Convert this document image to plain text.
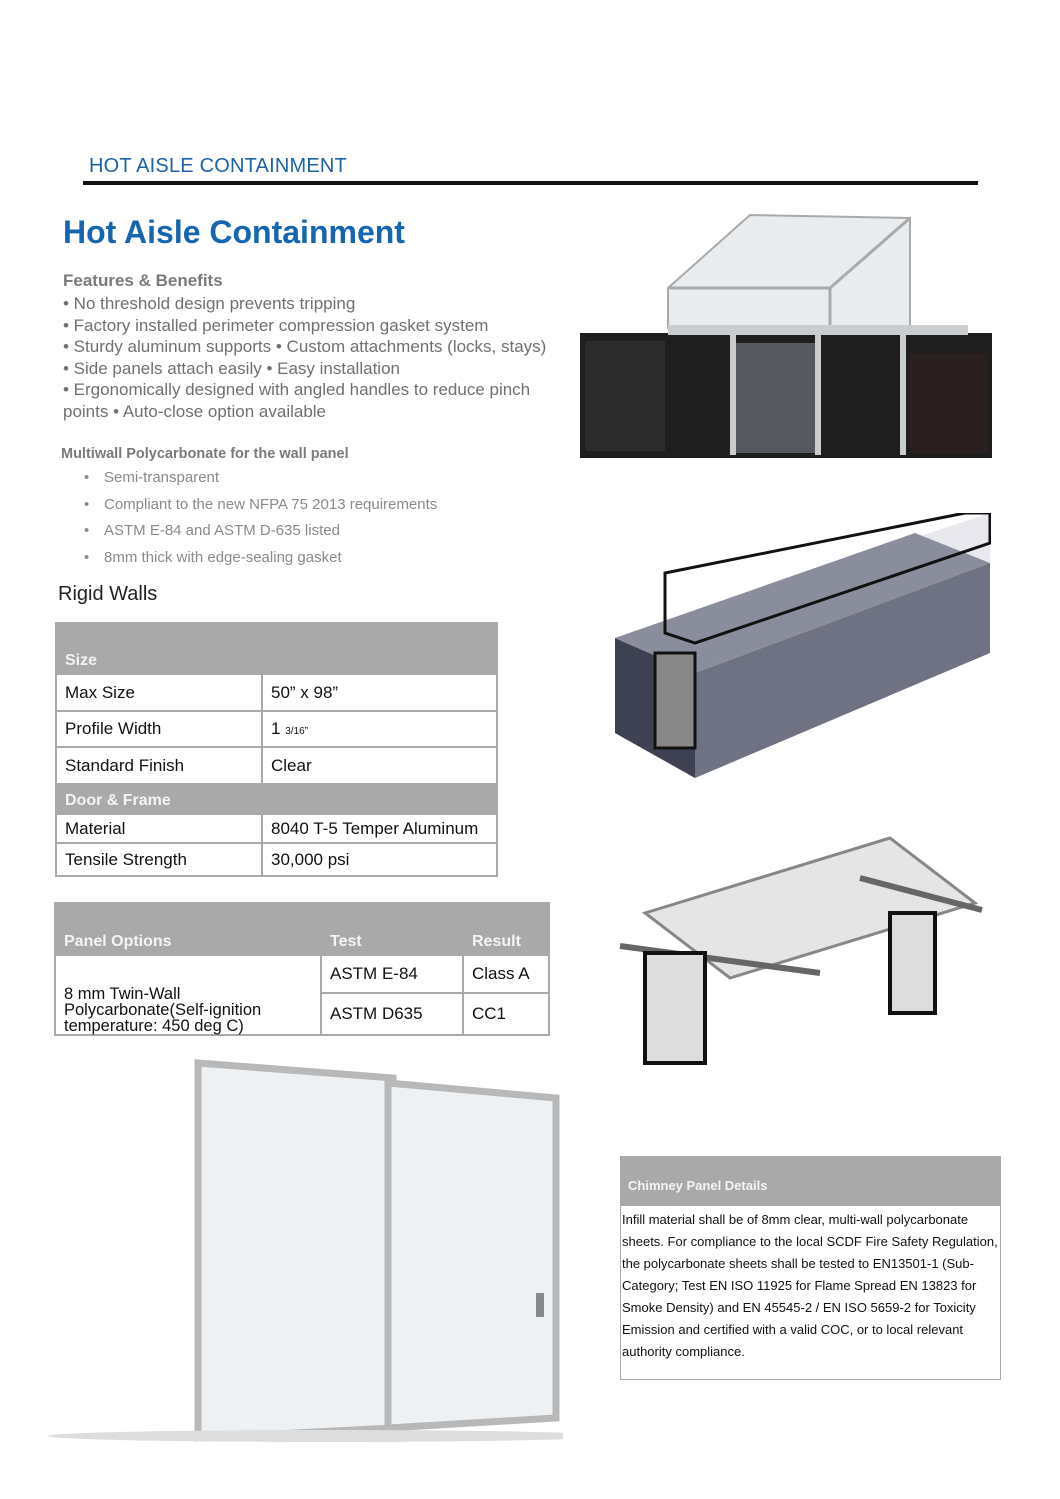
HOT AISLE CONTAINMENT
Hot Aisle Containment
Features & Benefits
• No threshold design prevents tripping
• Factory installed perimeter compression gasket system
• Sturdy aluminum supports • Custom attachments (locks, stays)
• Side panels attach easily • Easy installation
• Ergonomically designed with angled handles to reduce pinch points • Auto-close option available
Multiwall Polycarbonate for the wall panel
• Semi-transparent
• Compliant to the new NFPA 75 2013 requirements
• ASTM E-84 and ASTM D-635 listed
• 8mm thick with edge-sealing gasket
Rigid Walls
Size	
Max Size	50” x 98”
Profile Width	1 3/16”
Standard Finish	Clear
Door & Frame	
Material	8040 T-5 Temper Aluminum
Tensile Strength	30,000 psi
Panel Options	Test	Result
8 mm Twin-Wall Polycarbonate(Self-ignition temperature: 450 deg C)	ASTM E-84	Class A
	ASTM D635	CC1
Chimney Panel Details
Infill material shall be of 8mm clear, multi-wall polycarbonate sheets. For compliance to the local SCDF Fire Safety Regulation, the polycarbonate sheets shall be tested to EN13501-1 (Sub-Category; Test EN ISO 11925 for Flame Spread EN 13823 for Smoke Density) and EN 45545-2 / EN ISO 5659-2 for Toxicity Emission and certified with a valid COC, or to local relevant authority compliance.
